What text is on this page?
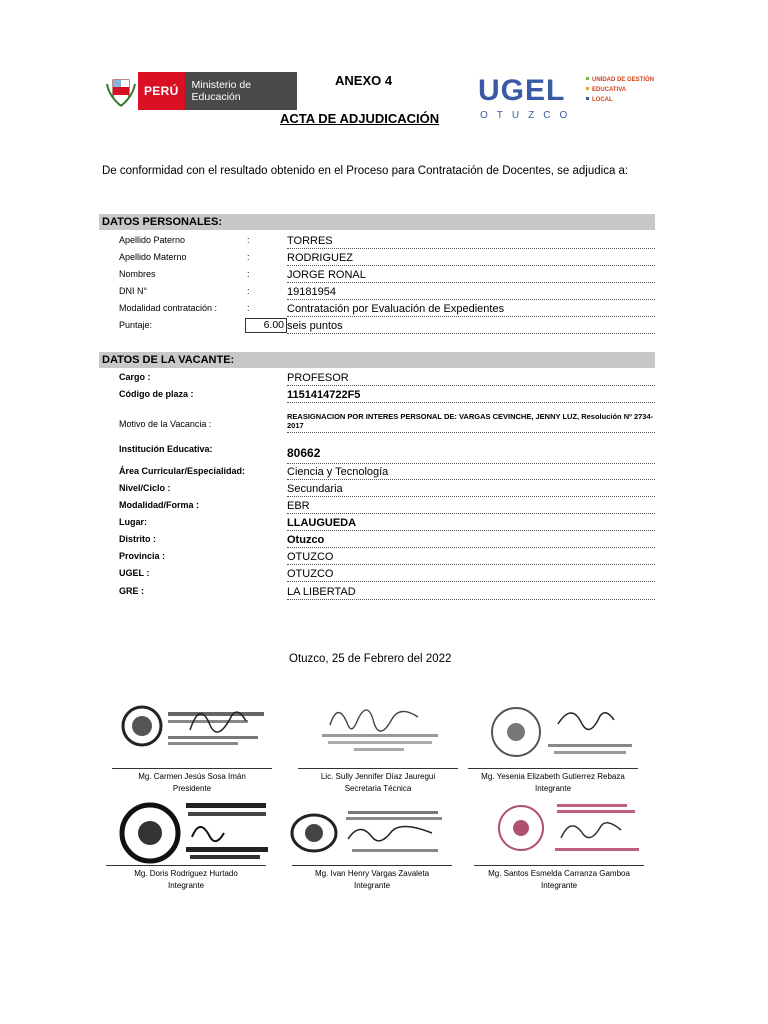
PERÚ	Ministerio de Educación
ANEXO 4
ACTA DE ADJUDICACIÓN
UGEL
OTUZCO
UNIDAD DE GESTIÓN
EDUCATIVA
LOCAL
De conformidad con el resultado obtenido en el Proceso para Contratación de Docentes, se adjudica a:
DATOS PERSONALES:
Apellido Paterno	:	TORRES
Apellido Materno	:	RODRIGUEZ
Nombres	:	JORGE RONAL
DNI N°	:	19181954
Modalidad contratación :	:	Contratación por Evaluación de Expedientes
Puntaje:	6.00 seis puntos
DATOS DE LA VACANTE:
Cargo :	PROFESOR
Código de plaza :	1151414722F5
Motivo de la Vacancia :
REASIGNACION POR INTERES PERSONAL DE: VARGAS CEVINCHE, JENNY LUZ, Resolución Nº 2734-2017
Institución Educativa:	80662
Área Curricular/Especialidad:	Ciencia y Tecnología
Nivel/Ciclo :	Secundaria
Modalidad/Forma :	EBR
Lugar:	LLAUGUEDA
Distrito :	Otuzco
Provincia :	OTUZCO
UGEL :	OTUZCO
GRE :	LA LIBERTAD
Otuzco, 25 de Febrero del 2022
Mg. Carmen Jesús Sosa Imán
Presidente
Lic. Sully Jennifer Díaz Jauregui
Secretaria Técnica
Mg. Yesenia Elizabeth Gutierrez Rebaza
Integrante
Mg. Doris Rodriguez Hurtado
Integrante
Mg. Ivan Henry Vargas Zavaleta
Integrante
Mg. Santos Esmelda Carranza Gamboa
Integrante
